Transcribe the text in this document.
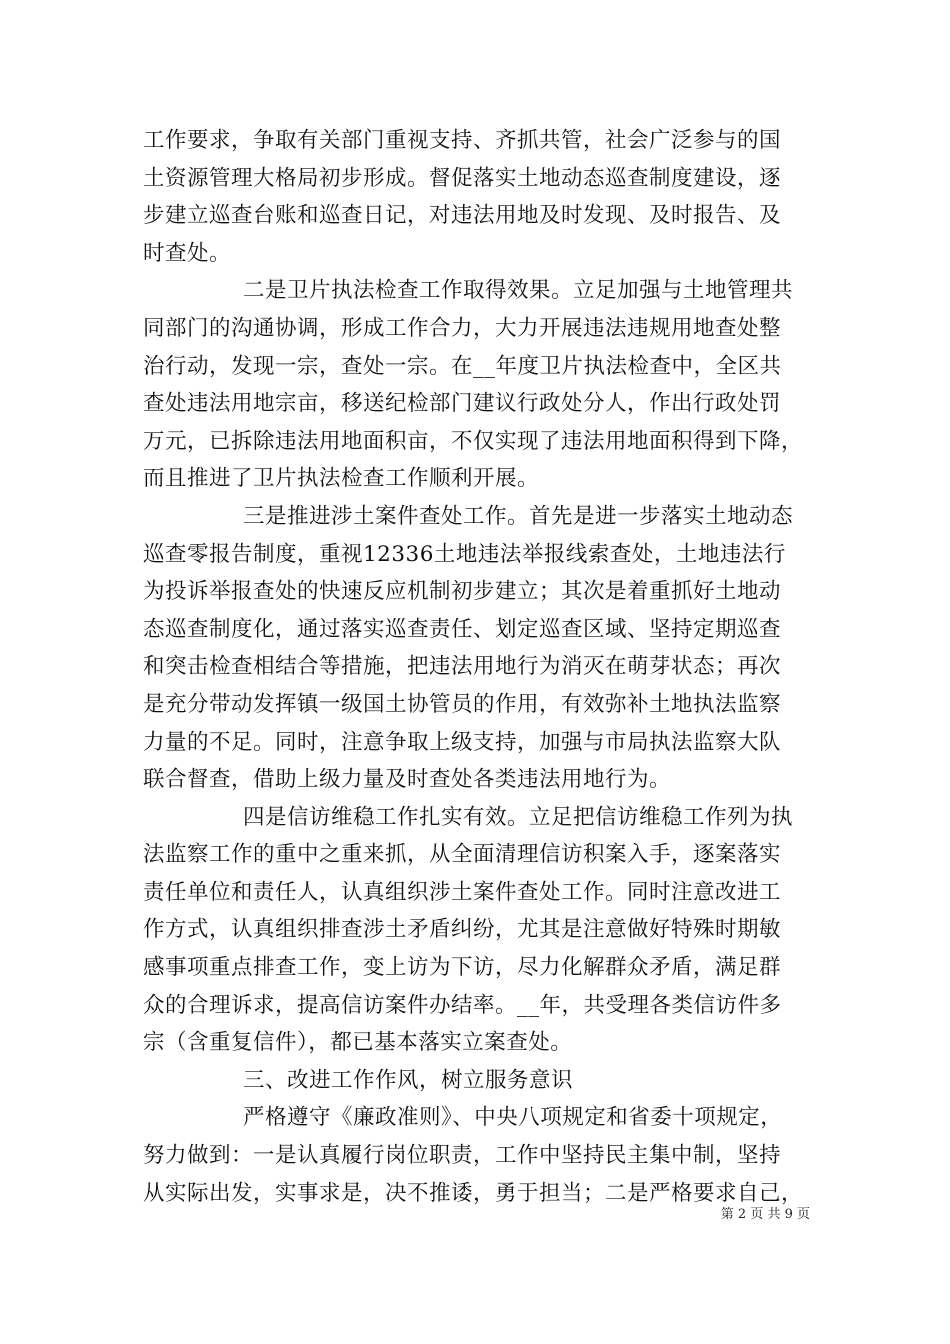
工作要求，争取有关部门重视支持、齐抓共管，社会广泛参与的国
土资源管理大格局初步形成。督促落实土地动态巡查制度建设，逐
步建立巡查台账和巡查日记，对违法用地及时发现、及时报告、及
时查处。
二是卫片执法检查工作取得效果。立足加强与土地管理共
同部门的沟通协调，形成工作合力，大力开展违法违规用地查处整
治行动，发现一宗，查处一宗。在__年度卫片执法检查中，全区共
查处违法用地宗亩，移送纪检部门建议行政处分人，作出行政处罚
万元，已拆除违法用地面积亩，不仅实现了违法用地面积得到下降，
而且推进了卫片执法检查工作顺利开展。
三是推进涉土案件查处工作。首先是进一步落实土地动态
巡查零报告制度，重视12336土地违法举报线索查处，土地违法行
为投诉举报查处的快速反应机制初步建立；其次是着重抓好土地动
态巡查制度化，通过落实巡查责任、划定巡查区域、坚持定期巡查
和突击检查相结合等措施，把违法用地行为消灭在萌芽状态；再次
是充分带动发挥镇一级国土协管员的作用，有效弥补土地执法监察
力量的不足。同时，注意争取上级支持，加强与市局执法监察大队
联合督查，借助上级力量及时查处各类违法用地行为。
四是信访维稳工作扎实有效。立足把信访维稳工作列为执
法监察工作的重中之重来抓，从全面清理信访积案入手，逐案落实
责任单位和责任人，认真组织涉土案件查处工作。同时注意改进工
作方式，认真组织排查涉土矛盾纠纷，尤其是注意做好特殊时期敏
感事项重点排查工作，变上访为下访，尽力化解群众矛盾，满足群
众的合理诉求，提高信访案件办结率。__年，共受理各类信访件多
宗（含重复信件），都已基本落实立案查处。
三、改进工作作风，树立服务意识
严格遵守《廉政准则》、中央八项规定和省委十项规定，
努力做到：一是认真履行岗位职责，工作中坚持民主集中制，坚持
从实际出发，实事求是，决不推诿，勇于担当；二是严格要求自己，
第 2 页 共 9 页
